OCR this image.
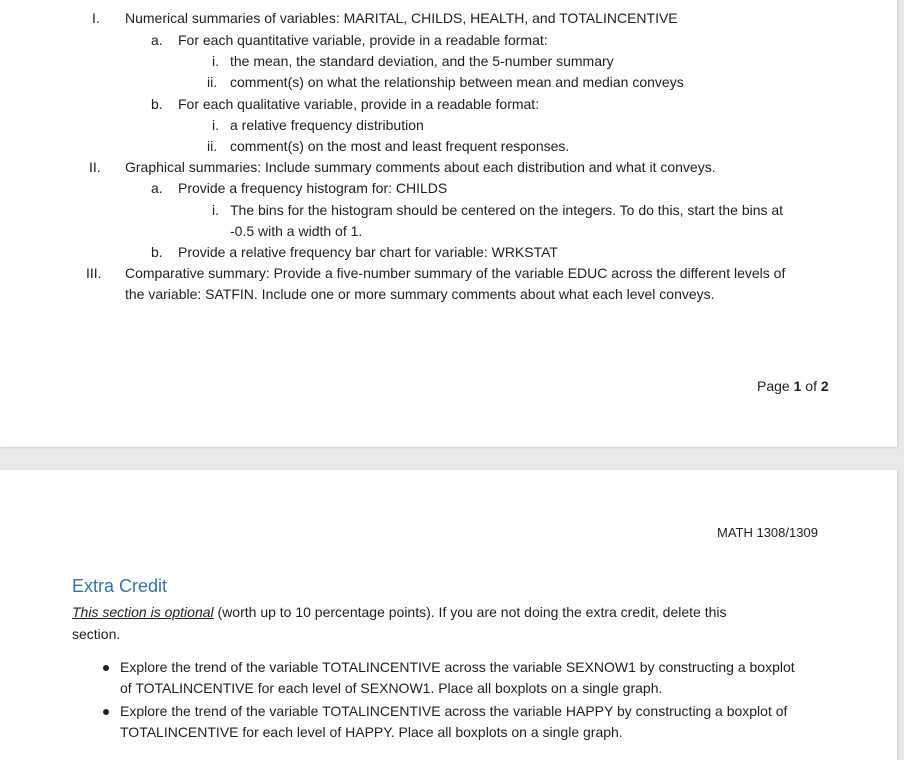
I. Numerical summaries of variables: MARITAL, CHILDS, HEALTH, and TOTALINCENTIVE
a. For each quantitative variable, provide in a readable format:
i. the mean, the standard deviation, and the 5-number summary
ii. comment(s) on what the relationship between mean and median conveys
b. For each qualitative variable, provide in a readable format:
i. a relative frequency distribution
ii. comment(s) on the most and least frequent responses.
II. Graphical summaries: Include summary comments about each distribution and what it conveys.
a. Provide a frequency histogram for: CHILDS
i. The bins for the histogram should be centered on the integers. To do this, start the bins at
-0.5 with a width of 1.
b. Provide a relative frequency bar chart for variable: WRKSTAT
III. Comparative summary: Provide a five-number summary of the variable EDUC across the different levels of
the variable: SATFIN. Include one or more summary comments about what each level conveys.
Page 1 of 2
MATH 1308/1309
Extra Credit
This section is optional (worth up to 10 percentage points). If you are not doing the extra credit, delete this
section.
Explore the trend of the variable TOTALINCENTIVE across the variable SEXNOW1 by constructing a boxplot
of TOTALINCENTIVE for each level of SEXNOW1. Place all boxplots on a single graph.
Explore the trend of the variable TOTALINCENTIVE across the variable HAPPY by constructing a boxplot of
TOTALINCENTIVE for each level of HAPPY. Place all boxplots on a single graph.
